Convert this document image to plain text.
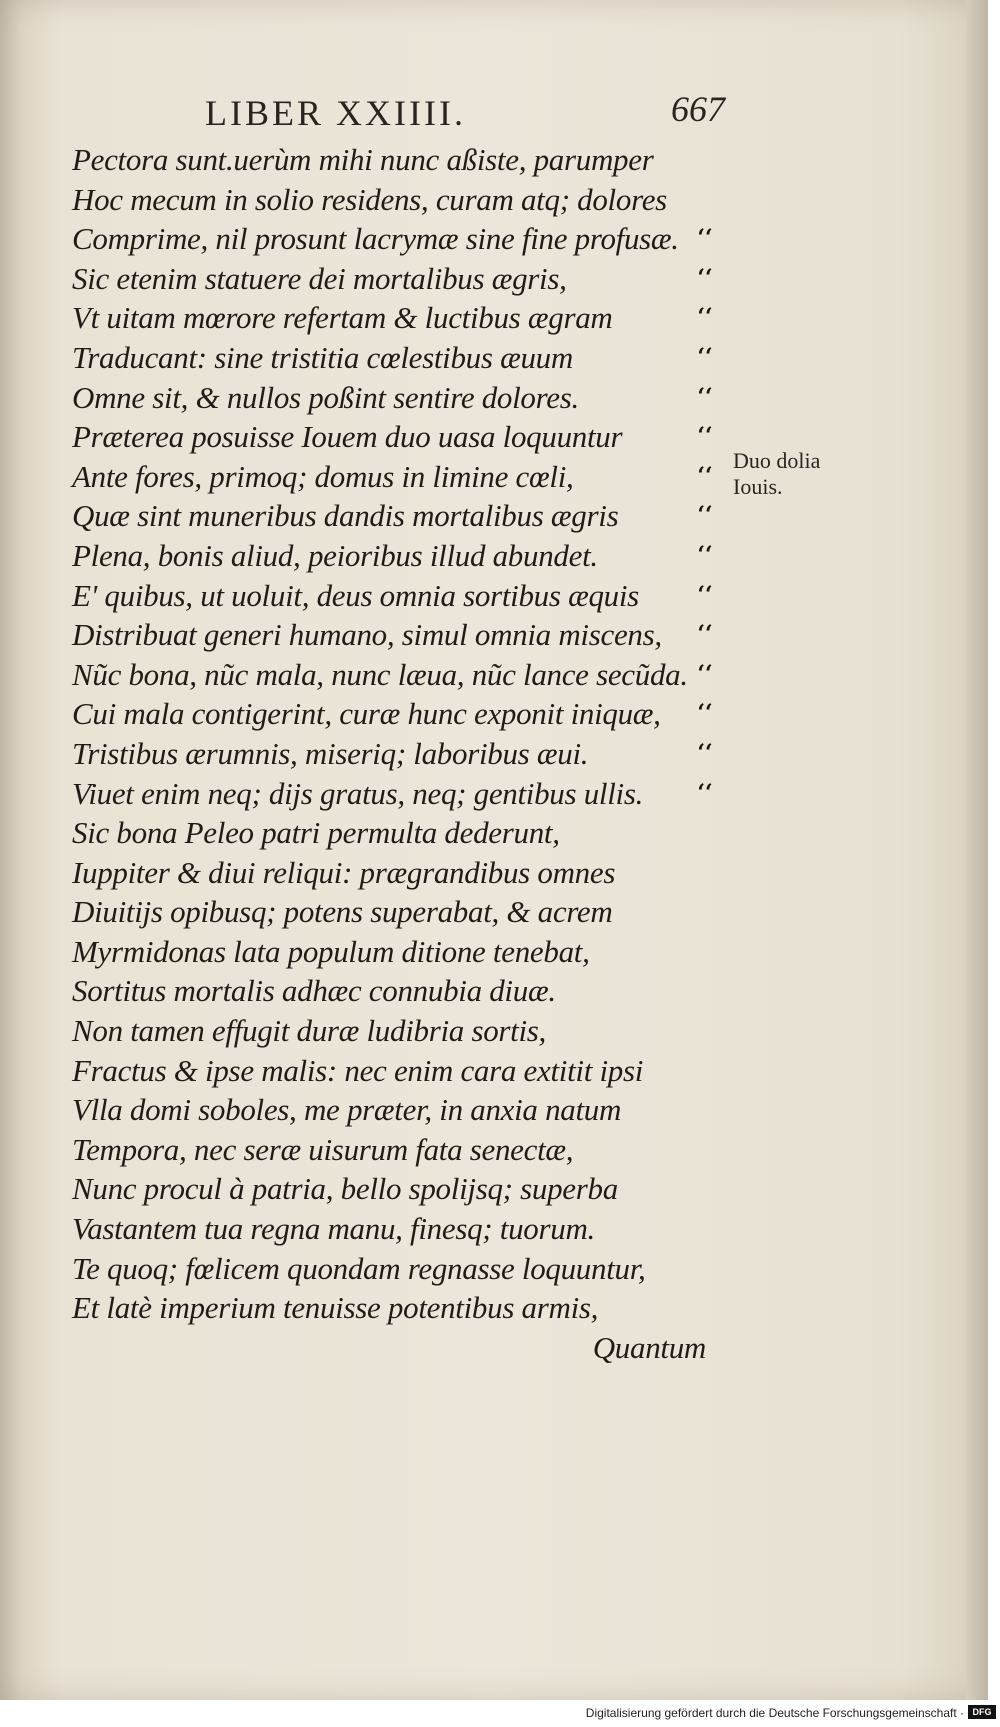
LIBER XXIIII.	667
Pectora sunt.uerùm mihi nunc aßiste, parumper
Hoc mecum in solio residens, curam atq; dolores
Comprime, nil prosunt lacrymæ sine fine profusæ.
Sic etenim statuere dei mortalibus ægris,
Vt uitam mœrore refertam & luctibus ægram
Traducant: sine tristitia cœlestibus æuum
Omne sit, & nullos poßint sentire dolores.
Præterea posuisse Iouem duo uasa loquuntur
Ante fores, primoq; domus in limine cœli,
Quæ sint muneribus dandis mortalibus ægris
Plena, bonis aliud, peioribus illud abundet.
E' quibus, ut uoluit, deus omnia sortibus æquis
Distribuat generi humano, simul omnia miscens,
Nũc bona, nũc mala, nunc læua, nũc lance secũda.
Cui mala contigerint, curæ hunc exponit iniquæ,
Tristibus ærumnis, miseriq; laboribus æui.
Viuet enim neq; dijs gratus, neq; gentibus ullis.
Sic bona Peleo patri permulta dederunt,
Iuppiter & diui reliqui: prægrandibus omnes
Diuitijs opibusq; potens superabat, & acrem
Myrmidonas lata populum ditione tenebat,
Sortitus mortalis adhæc connubia diuæ.
Non tamen effugit duræ ludibria sortis,
Fractus & ipse malis: nec enim cara extitit ipsi
Vlla domi soboles, me præter, in anxia natum
Tempora, nec seræ uisurum fata senectæ,
Nunc procul à patria, bello spolijsq; superba
Vastantem tua regna manu, finesq; tuorum.
Te quoq; fœlicem quondam regnasse loquuntur,
Et latè imperium tenuisse potentibus armis,
Quantum
‘‘
‘‘
‘‘
‘‘
‘‘
‘‘
‘‘
‘‘
‘‘
‘‘
‘‘
‘‘
‘‘
‘‘
‘‘
Duo dolia
Iouis.
Digitalisierung gefördert durch die Deutsche Forschungsgemeinschaft · DFG
